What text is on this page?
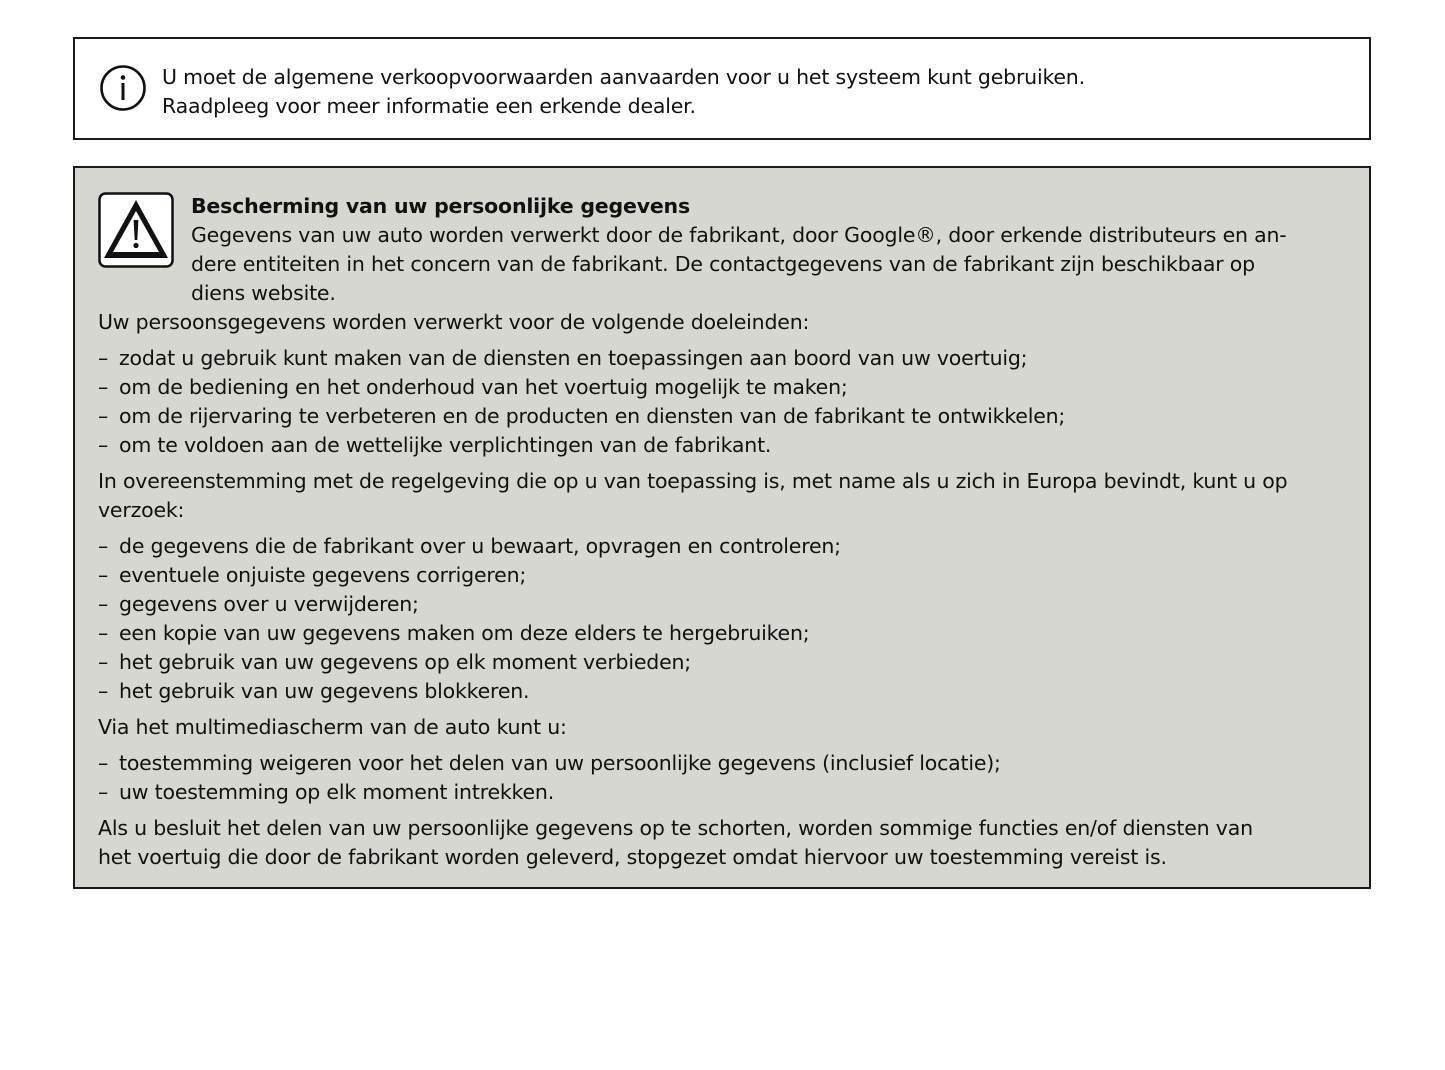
U moet de algemene verkoopvoorwaarden aanvaarden voor u het systeem kunt gebruiken.
Raadpleeg voor meer informatie een erkende dealer.
Bescherming van uw persoonlijke gegevens
Gegevens van uw auto worden verwerkt door de fabrikant, door Google®, door erkende distributeurs en an-
dere entiteiten in het concern van de fabrikant. De contactgegevens van de fabrikant zijn beschikbaar op
diens website.
Uw persoonsgegevens worden verwerkt voor de volgende doeleinden:
– zodat u gebruik kunt maken van de diensten en toepassingen aan boord van uw voertuig;
– om de bediening en het onderhoud van het voertuig mogelijk te maken;
– om de rijervaring te verbeteren en de producten en diensten van de fabrikant te ontwikkelen;
– om te voldoen aan de wettelijke verplichtingen van de fabrikant.
In overeenstemming met de regelgeving die op u van toepassing is, met name als u zich in Europa bevindt, kunt u op
verzoek:
– de gegevens die de fabrikant over u bewaart, opvragen en controleren;
– eventuele onjuiste gegevens corrigeren;
– gegevens over u verwijderen;
– een kopie van uw gegevens maken om deze elders te hergebruiken;
– het gebruik van uw gegevens op elk moment verbieden;
– het gebruik van uw gegevens blokkeren.
Via het multimediascherm van de auto kunt u:
– toestemming weigeren voor het delen van uw persoonlijke gegevens (inclusief locatie);
– uw toestemming op elk moment intrekken.
Als u besluit het delen van uw persoonlijke gegevens op te schorten, worden sommige functies en/of diensten van
het voertuig die door de fabrikant worden geleverd, stopgezet omdat hiervoor uw toestemming vereist is.
